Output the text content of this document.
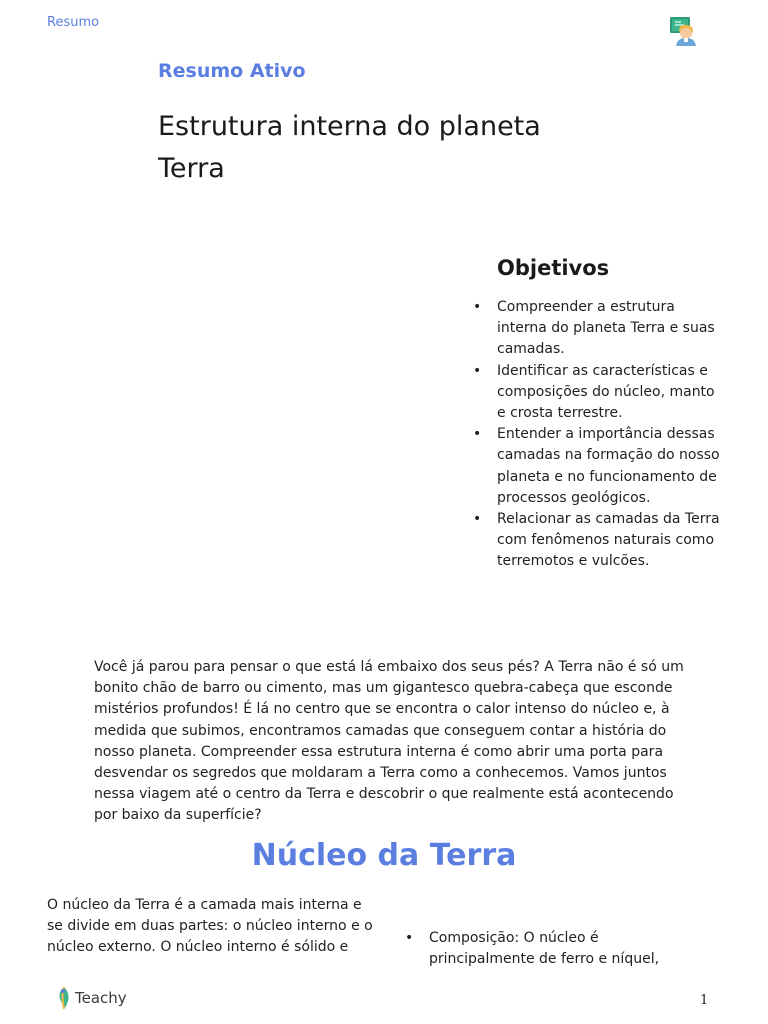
Resumo
Resumo Ativo
Estrutura interna do planeta Terra
Objetivos
• Compreender a estrutura interna do planeta Terra e suas camadas.
• Identificar as características e composições do núcleo, manto e crosta terrestre.
• Entender a importância dessas camadas na formação do nosso planeta e no funcionamento de processos geológicos.
• Relacionar as camadas da Terra com fenômenos naturais como terremotos e vulcões.

Você já parou para pensar o que está lá embaixo dos seus pés? A Terra não é só um bonito chão de barro ou cimento, mas um gigantesco quebra-cabeça que esconde mistérios profundos! É lá no centro que se encontra o calor intenso do núcleo e, à medida que subimos, encontramos camadas que conseguem contar a história do nosso planeta. Compreender essa estrutura interna é como abrir uma porta para desvendar os segredos que moldaram a Terra como a conhecemos. Vamos juntos nessa viagem até o centro da Terra e descobrir o que realmente está acontecendo por baixo da superfície?

Núcleo da Terra

O núcleo da Terra é a camada mais interna e se divide em duas partes: o núcleo interno e o núcleo externo. O núcleo interno é sólido e

• Composição: O núcleo é principalmente de ferro e níquel,
Teachy	1
